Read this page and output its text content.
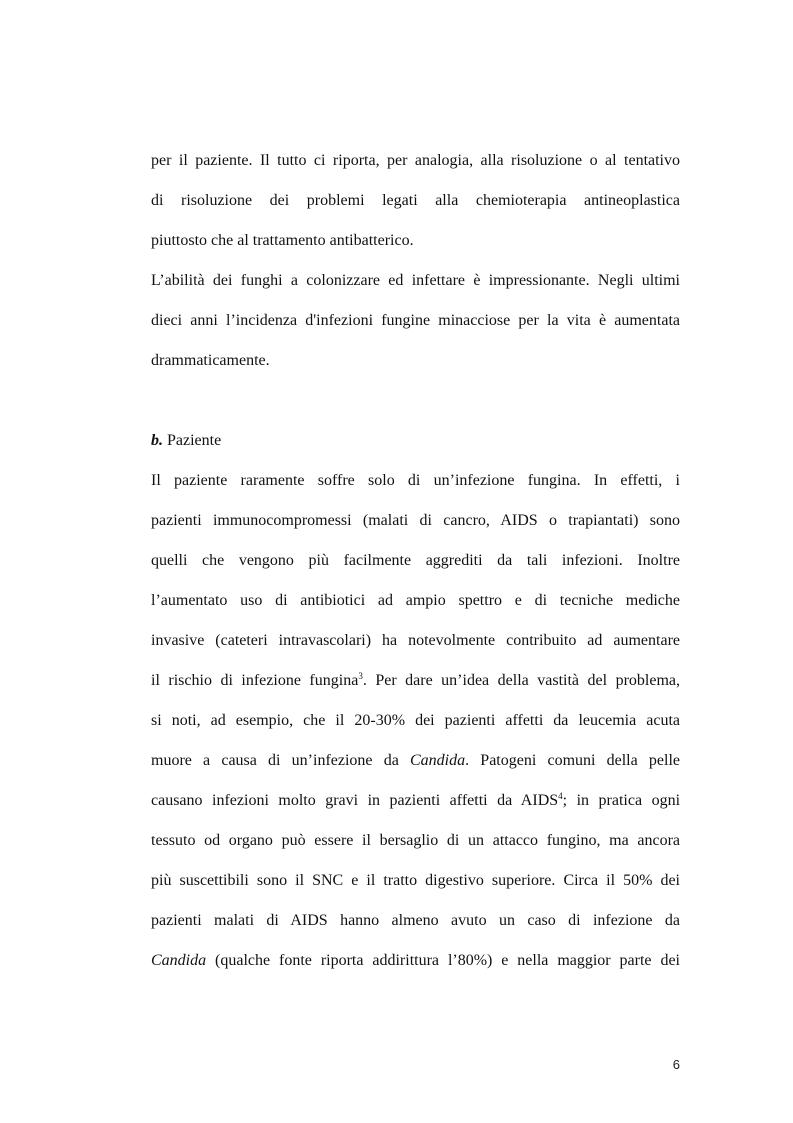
per il paziente. Il tutto ci riporta, per analogia, alla risoluzione o al tentativo
di risoluzione dei problemi legati alla chemioterapia antineoplastica
piuttosto che al trattamento antibatterico.
L’abilità dei funghi a colonizzare ed infettare è impressionante. Negli ultimi
dieci anni l’incidenza d'infezioni fungine minacciose per la vita è aumentata
drammaticamente.
b. Paziente
Il paziente raramente soffre solo di un’infezione fungina. In effetti, i
pazienti immunocompromessi (malati di cancro, AIDS o trapiantati) sono
quelli che vengono più facilmente aggrediti da tali infezioni. Inoltre
l’aumentato uso di antibiotici ad ampio spettro e di tecniche mediche
invasive (cateteri intravascolari) ha notevolmente contribuito ad aumentare
il rischio di infezione fungina$^3$. Per dare un’idea della vastità del problema,
si noti, ad esempio, che il 20-30% dei pazienti affetti da leucemia acuta
muore a causa di un’infezione da Candida. Patogeni comuni della pelle
causano infezioni molto gravi in pazienti affetti da AIDS$^4$; in pratica ogni
tessuto od organo può essere il bersaglio di un attacco fungino, ma ancora
più suscettibili sono il SNC e il tratto digestivo superiore. Circa il 50% dei
pazienti malati di AIDS hanno almeno avuto un caso di infezione da
Candida (qualche fonte riporta addirittura l’80%) e nella maggior parte dei
6
